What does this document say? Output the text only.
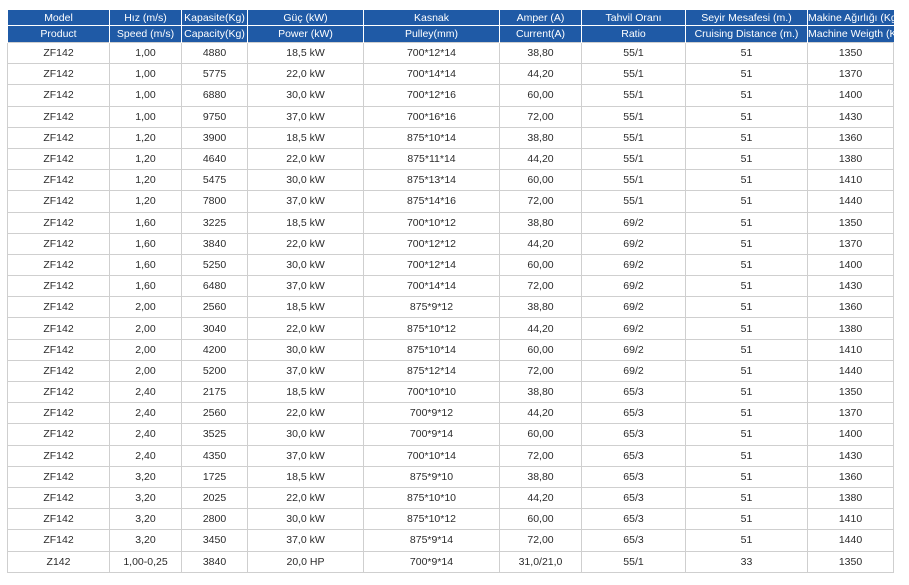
Model	Hız (m/s)	Kapasite(Kg)	Güç (kW)	Kasnak	Amper (A)	Tahvil Oranı	Seyir Mesafesi (m.)	Makine Ağırlığı (Kg.)
Product	Speed (m/s)	Capacity(Kg)	Power (kW)	Pulley(mm)	Current(A)	Ratio	Cruising Distance (m.)	Machine Weigth (Kg.)
ZF142	1,00	4880	18,5 kW	700*12*14	38,80	55/1	51	1350
ZF142	1,00	5775	22,0 kW	700*14*14	44,20	55/1	51	1370
ZF142	1,00	6880	30,0 kW	700*12*16	60,00	55/1	51	1400
ZF142	1,00	9750	37,0 kW	700*16*16	72,00	55/1	51	1430
ZF142	1,20	3900	18,5 kW	875*10*14	38,80	55/1	51	1360
ZF142	1,20	4640	22,0 kW	875*11*14	44,20	55/1	51	1380
ZF142	1,20	5475	30,0 kW	875*13*14	60,00	55/1	51	1410
ZF142	1,20	7800	37,0 kW	875*14*16	72,00	55/1	51	1440
ZF142	1,60	3225	18,5 kW	700*10*12	38,80	69/2	51	1350
ZF142	1,60	3840	22,0 kW	700*12*12	44,20	69/2	51	1370
ZF142	1,60	5250	30,0 kW	700*12*14	60,00	69/2	51	1400
ZF142	1,60	6480	37,0 kW	700*14*14	72,00	69/2	51	1430
ZF142	2,00	2560	18,5 kW	875*9*12	38,80	69/2	51	1360
ZF142	2,00	3040	22,0 kW	875*10*12	44,20	69/2	51	1380
ZF142	2,00	4200	30,0 kW	875*10*14	60,00	69/2	51	1410
ZF142	2,00	5200	37,0 kW	875*12*14	72,00	69/2	51	1440
ZF142	2,40	2175	18,5 kW	700*10*10	38,80	65/3	51	1350
ZF142	2,40	2560	22,0 kW	700*9*12	44,20	65/3	51	1370
ZF142	2,40	3525	30,0 kW	700*9*14	60,00	65/3	51	1400
ZF142	2,40	4350	37,0 kW	700*10*14	72,00	65/3	51	1430
ZF142	3,20	1725	18,5 kW	875*9*10	38,80	65/3	51	1360
ZF142	3,20	2025	22,0 kW	875*10*10	44,20	65/3	51	1380
ZF142	3,20	2800	30,0 kW	875*10*12	60,00	65/3	51	1410
ZF142	3,20	3450	37,0 kW	875*9*14	72,00	65/3	51	1440
Z142	1,00-0,25	3840	20,0 HP	700*9*14	31,0/21,0	55/1	33	1350
